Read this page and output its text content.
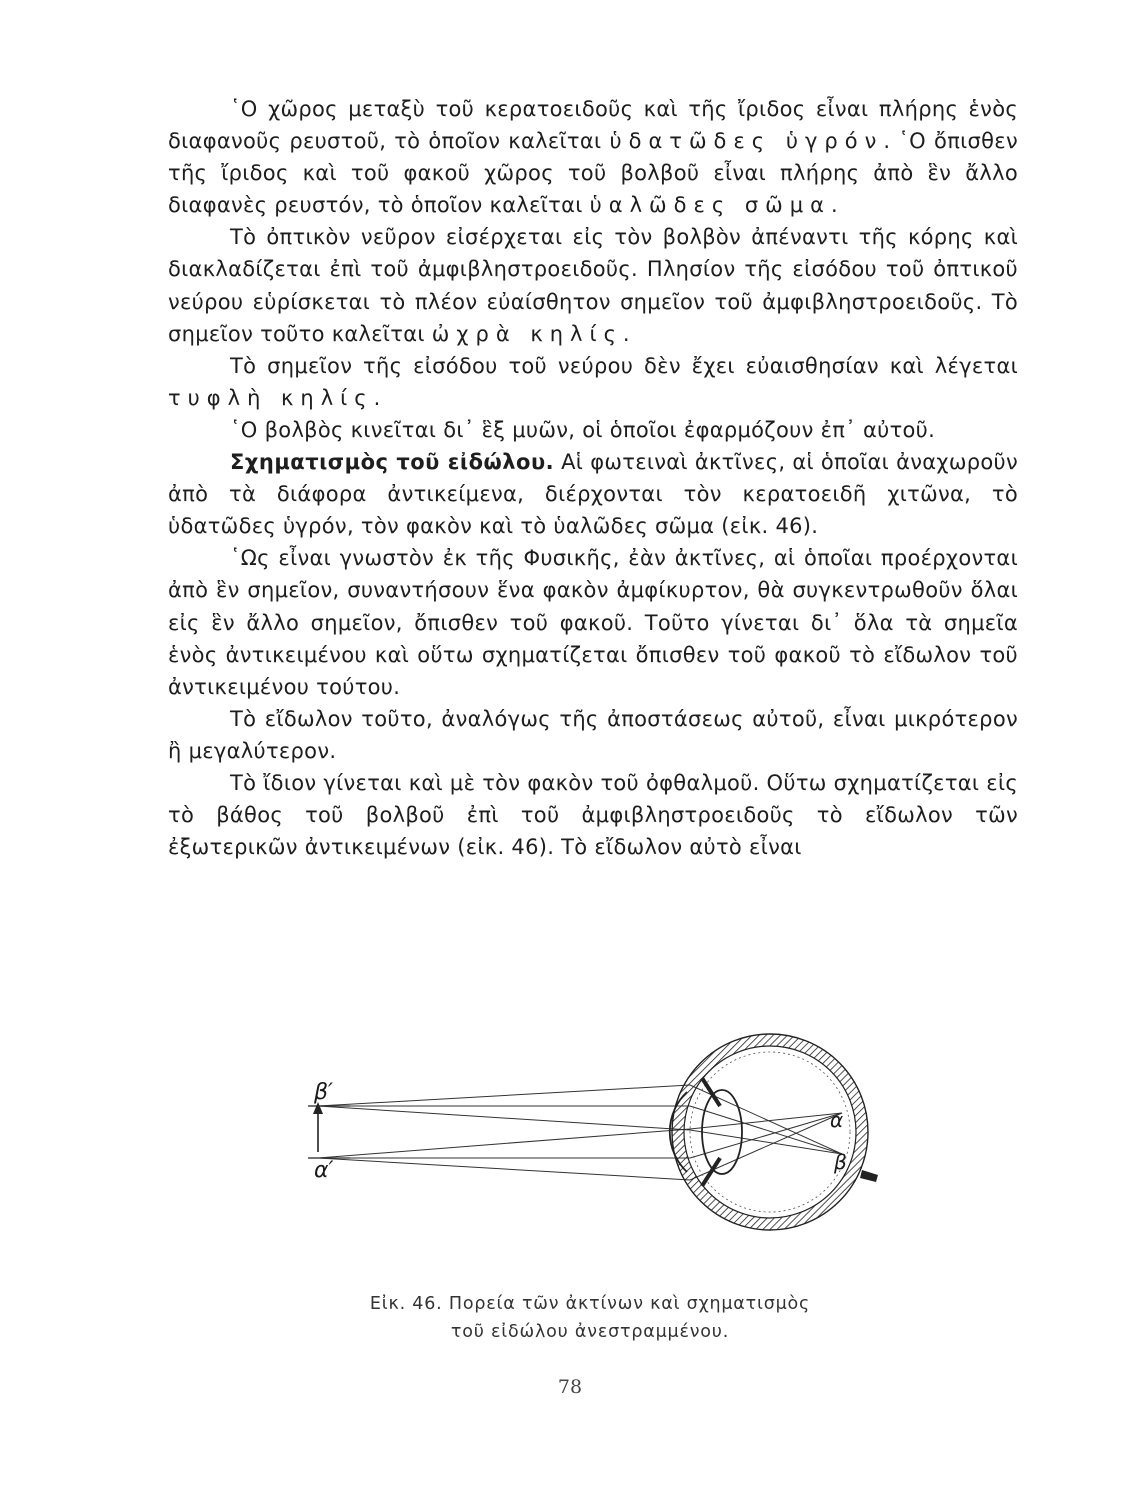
῾Ο χῶρος μεταξὺ τοῦ κερατοειδοῦς καὶ τῆς ἴριδος εἶναι πλήρης ἑνὸς διαφανοῦς ρευστοῦ, τὸ ὁποῖον καλεῖται ὑδατῶδες ὑγρόν. ῾Ο ὄπισθεν τῆς ἴριδος καὶ τοῦ φακοῦ χῶρος τοῦ βολβοῦ εἶναι πλήρης ἀπὸ ἓν ἄλλο διαφανὲς ρευστόν, τὸ ὁποῖον καλεῖται ὑαλῶδες σῶμα.

Τὸ ὀπτικὸν νεῦρον εἰσέρχεται εἰς τὸν βολβὸν ἀπέναντι τῆς κόρης καὶ διακλαδίζεται ἐπὶ τοῦ ἀμφιβληστροειδοῦς. Πλησίον τῆς εἰσόδου τοῦ ὀπτικοῦ νεύρου εὑρίσκεται τὸ πλέον εὐαίσθητον σημεῖον τοῦ ἀμφιβληστροειδοῦς. Τὸ σημεῖον τοῦτο καλεῖται ὠχρὰ κηλίς.

Τὸ σημεῖον τῆς εἰσόδου τοῦ νεύρου δὲν ἔχει εὐαισθησίαν καὶ λέγεται τυφλὴ κηλίς.

῾Ο βολβὸς κινεῖται δι᾿ ἓξ μυῶν, οἱ ὁποῖοι ἐφαρμόζουν ἐπ᾿ αὐτοῦ.

Σχηματισμὸς τοῦ εἰδώλου. Αἱ φωτειναὶ ἀκτῖνες, αἱ ὁποῖαι ἀναχωροῦν ἀπὸ τὰ διάφορα ἀντικείμενα, διέρχονται τὸν κερατοειδῆ χιτῶνα, τὸ ὑδατῶδες ὑγρόν, τὸν φακὸν καὶ τὸ ὑαλῶδες σῶμα (εἰκ. 46).

῾Ως εἶναι γνωστὸν ἐκ τῆς Φυσικῆς, ἐὰν ἀκτῖνες, αἱ ὁποῖαι προέρχονται ἀπὸ ἓν σημεῖον, συναντήσουν ἕνα φακὸν ἀμφίκυρτον, θὰ συγκεντρωθοῦν ὅλαι εἰς ἓν ἄλλο σημεῖον, ὄπισθεν τοῦ φακοῦ. Τοῦτο γίνεται δι᾿ ὅλα τὰ σημεῖα ἑνὸς ἀντικειμένου καὶ οὕτω σχηματίζεται ὄπισθεν τοῦ φακοῦ τὸ εἴδωλον τοῦ ἀντικειμένου τούτου.

Τὸ εἴδωλον τοῦτο, ἀναλόγως τῆς ἀποστάσεως αὐτοῦ, εἶναι μικρότερον ἢ μεγαλύτερον.

Τὸ ἴδιον γίνεται καὶ μὲ τὸν φακὸν τοῦ ὀφθαλμοῦ. Οὕτω σχηματίζεται εἰς τὸ βάθος τοῦ βολβοῦ ἐπὶ τοῦ ἀμφιβληστροειδοῦς τὸ εἴδωλον τῶν ἐξωτερικῶν ἀντικειμένων (εἰκ. 46). Τὸ εἴδωλον αὐτὸ εἶναι

β′
α′
α
β
Εἰκ. 46. Πορεία τῶν ἀκτίνων καὶ σχηματισμὸς
τοῦ εἰδώλου ἀνεστραμμένου.
78
